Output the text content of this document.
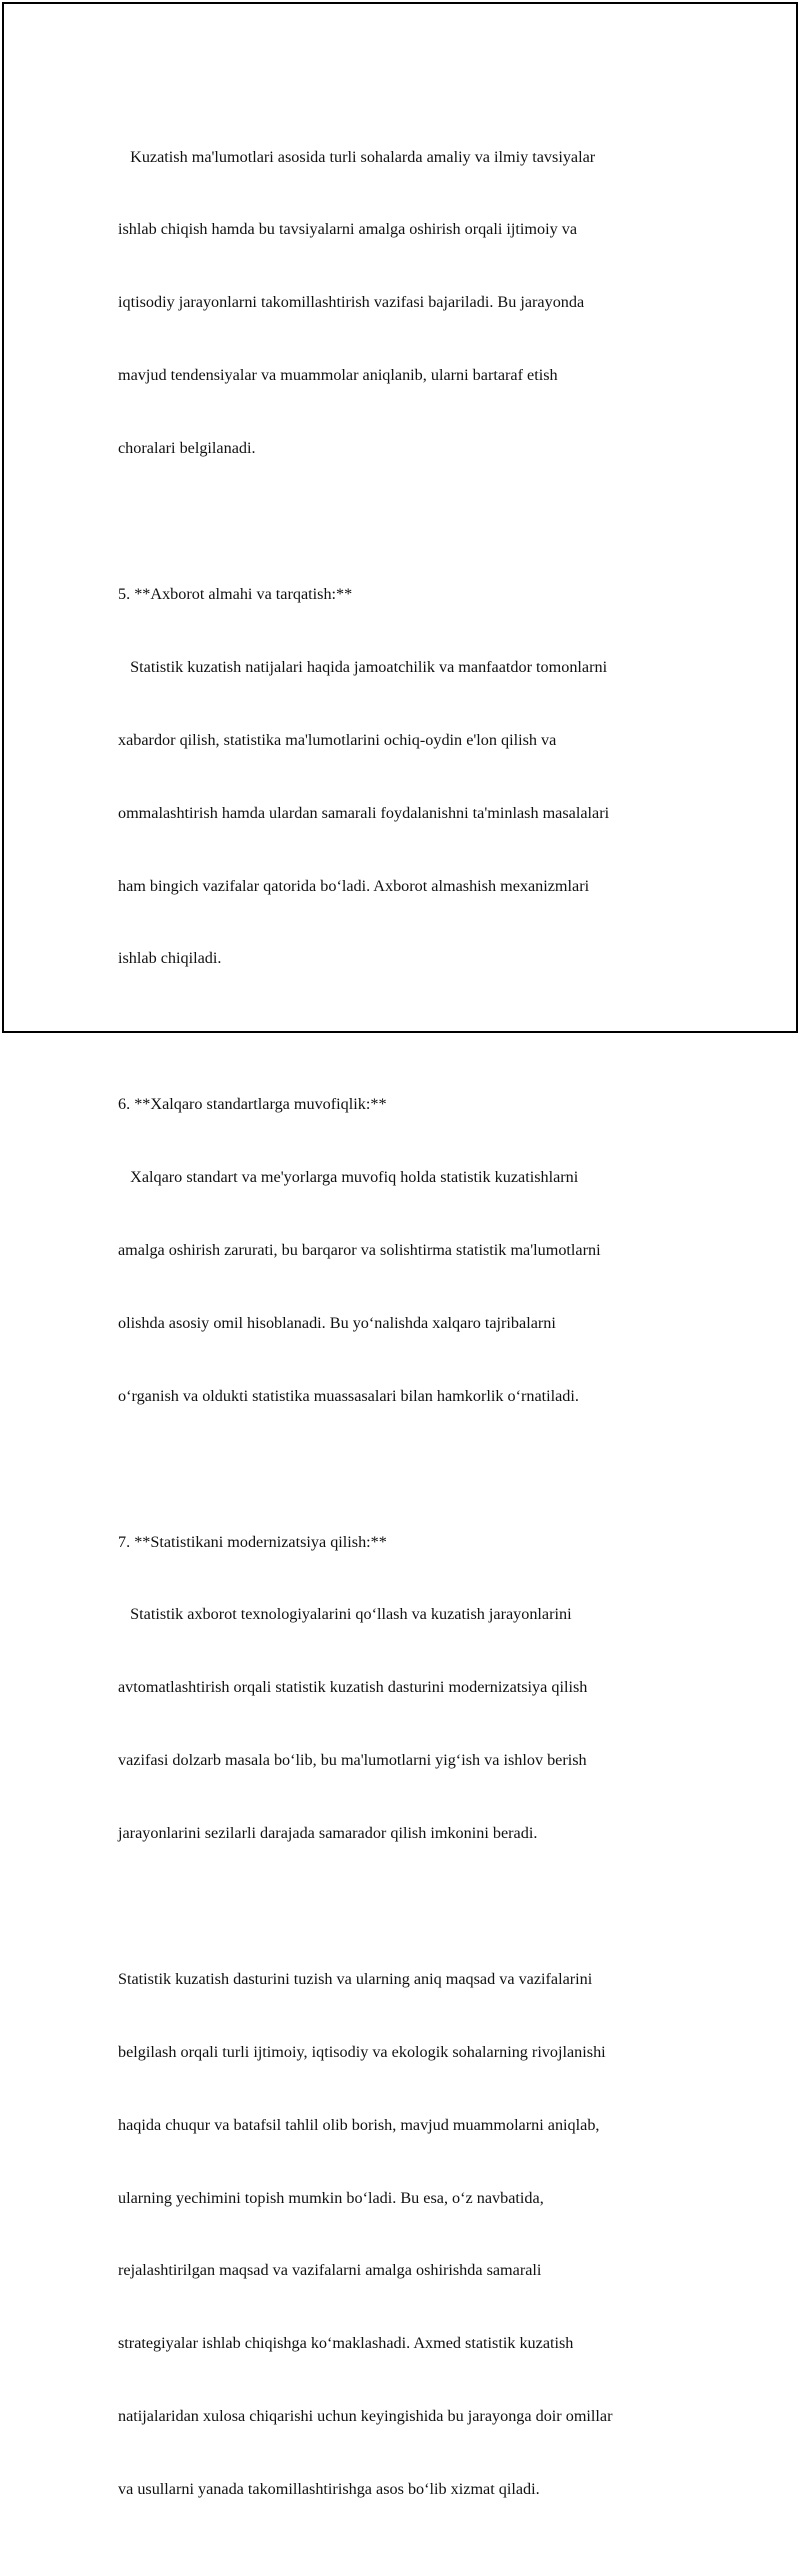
Kuzatish ma'lumotlari asosida turli sohalarda amaliy va ilmiy tavsiyalar

ishlab chiqish hamda bu tavsiyalarni amalga oshirish orqali ijtimoiy va

iqtisodiy jarayonlarni takomillashtirish vazifasi bajariladi. Bu jarayonda

mavjud tendensiyalar va muammolar aniqlanib, ularni bartaraf etish

choralari belgilanadi.

5. **Axborot almahi va tarqatish:**

Statistik kuzatish natijalari haqida jamoatchilik va manfaatdor tomonlarni

xabardor qilish, statistika ma'lumotlarini ochiq-oydin e'lon qilish va

ommalashtirish hamda ulardan samarali foydalanishni ta'minlash masalalari

ham bingich vazifalar qatorida bo‘ladi. Axborot almashish mexanizmlari

ishlab chiqiladi.

6. **Xalqaro standartlarga muvofiqlik:**

Xalqaro standart va me'yorlarga muvofiq holda statistik kuzatishlarni

amalga oshirish zarurati, bu barqaror va solishtirma statistik ma'lumotlarni

olishda asosiy omil hisoblanadi. Bu yo‘nalishda xalqaro tajribalarni

o‘rganish va oldukti statistika muassasalari bilan hamkorlik o‘rnatiladi.

7. **Statistikani modernizatsiya qilish:**

Statistik axborot texnologiyalarini qo‘llash va kuzatish jarayonlarini

avtomatlashtirish orqali statistik kuzatish dasturini modernizatsiya qilish

vazifasi dolzarb masala bo‘lib, bu ma'lumotlarni yig‘ish va ishlov berish

jarayonlarini sezilarli darajada samarador qilish imkonini beradi.

Statistik kuzatish dasturini tuzish va ularning aniq maqsad va vazifalarini

belgilash orqali turli ijtimoiy, iqtisodiy va ekologik sohalarning rivojlanishi

haqida chuqur va batafsil tahlil olib borish, mavjud muammolarni aniqlab,

ularning yechimini topish mumkin bo‘ladi. Bu esa, o‘z navbatida,

rejalashtirilgan maqsad va vazifalarni amalga oshirishda samarali

strategiyalar ishlab chiqishga ko‘maklashadi. Axmed statistik kuzatish

natijalaridan xulosa chiqarishi uchun keyingishida bu jarayonga doir omillar

va usullarni yanada takomillashtirishga asos bo‘lib xizmat qiladi.
